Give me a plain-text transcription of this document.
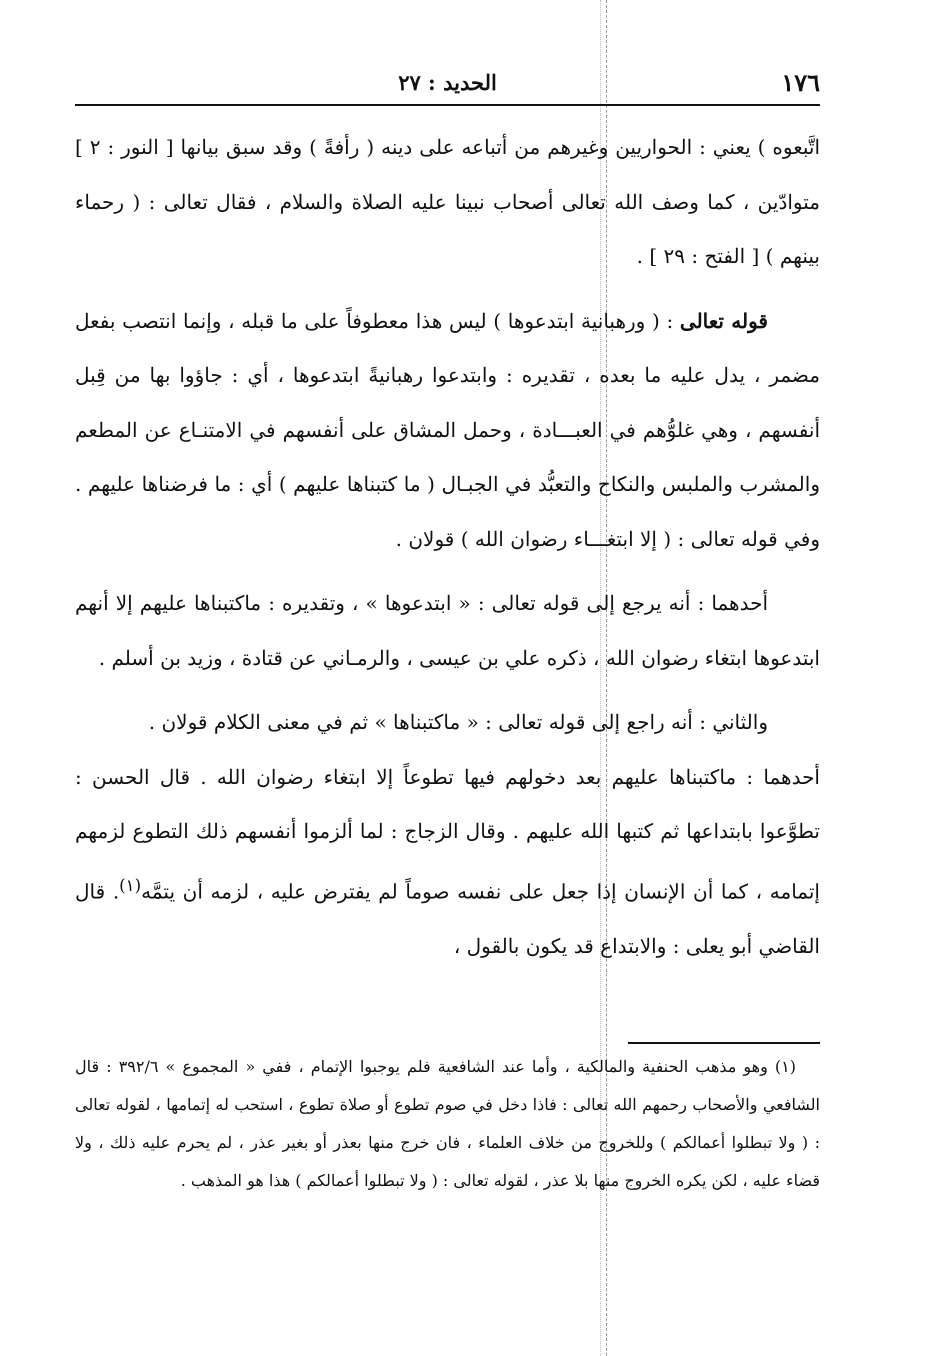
١٧٦
الحديد : ٢٧

اتَّبعوه ) يعني : الحواريين وغيرهم من أتباعه على دينه ( رأفةً ) وقد سبق بيانها [ النور : ٢ ] متوادّين ، كما وصف الله تعالى أصحاب نبينا عليه الصلاة والسلام ، فقال تعالى : ( رحماء بينهم ) [ الفتح : ٢٩ ] .

قوله تعالى : ( ورهبانية ابتدعوها ) ليس هذا معطوفاً على ما قبله ، وإنما انتصب بفعل مضمر ، يدل عليه ما بعده ، تقديره : وابتدعوا رهبانيةً ابتدعوها ، أي : جاؤوا بها من قِبل أنفسهم ، وهي غلوُّهم في العبـــادة ، وحمل المشاق على أنفسهم في الامتنـاع عن المطعم والمشرب والملبس والنكاح والتعبُّد في الجبـال ( ما كتبناها عليهم ) أي : ما فرضناها عليهم . وفي قوله تعالى : ( إلا ابتغـــاء رضوان الله ) قولان .

أحدهما : أنه يرجع إلى قوله تعالى : « ابتدعوها » ، وتقديره : ماكتبناها عليهم إلا أنهم ابتدعوها ابتغاء رضوان الله ، ذكره علي بن عيسى ، والرمـاني عن قتادة ، وزيد بن أسلم .

والثاني : أنه راجع إلى قوله تعالى : « ماكتبناها » ثم في معنى الكلام قولان .

أحدهما : ماكتبناها عليهم بعد دخولهم فيها تطوعاً إلا ابتغاء رضوان الله . قال الحسن : تطوَّعوا بابتداعها ثم كتبها الله عليهم . وقال الزجاج : لما ألزموا أنفسهم ذلك التطوع لزمهم إتمامه ، كما أن الإنسان إذا جعل على نفسه صوماً لم يفترض عليه ، لزمه أن يتمَّه$^{(١)}$. قال القاضي أبو يعلى : والابتداع قد يكون بالقول ،

(١) وهو مذهب الحنفية والمالكية ، وأما عند الشافعية فلم يوجبوا الإتمام ، ففي « المجموع » ٣٩٢/٦ : قال الشافعي والأصحاب رحمهم الله تعالى : فاذا دخل في صوم تطوع أو صلاة تطوع ، استحب له إتمامها ، لقوله تعالى : ( ولا تبطلوا أعمالكم ) وللخروج من خلاف العلماء ، فان خرج منها بعذر أو بغير عذر ، لم يحرم عليه ذلك ، ولا قضاء عليه ، لكن يكره الخروج منها بلا عذر ، لقوله تعالى : ( ولا تبطلوا أعمالكم ) هذا هو المذهب .
